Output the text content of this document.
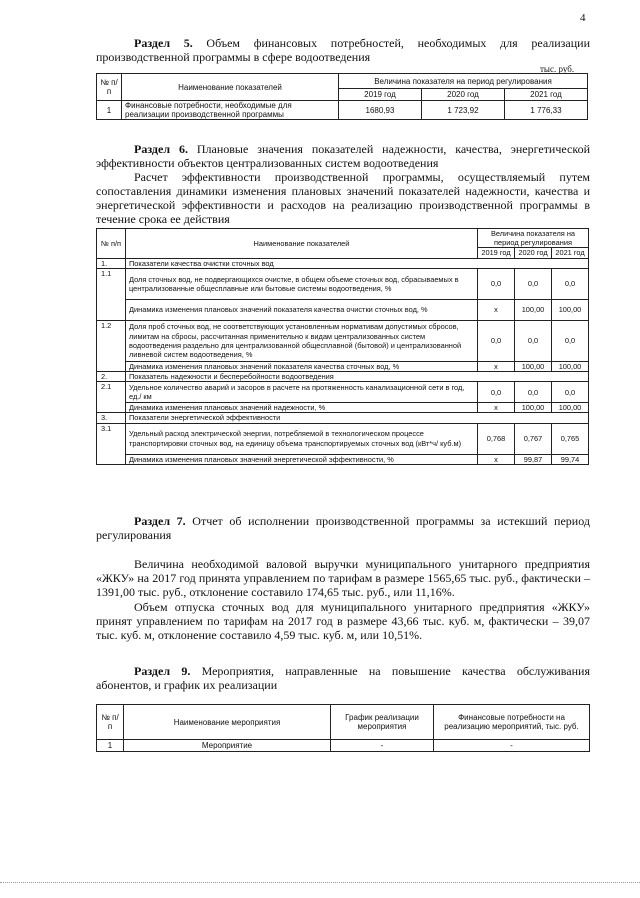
4
Раздел 5. Объем финансовых потребностей, необходимых для реализации производственной программы в сфере водоотведения
тыс. руб.
№ п/п	Наименование показателей	Величина показателя на период регулирования		
		2019 год	2020 год	2021 год
1	Финансовые потребности, необходимые для реализации производственной программы	1680,93	1 723,92	1 776,33
Раздел 6. Плановые значения показателей надежности, качества, энергетической эффективности объектов централизованных систем водоотведения
Расчет эффективности производственной программы, осуществляемый путем сопоставления динамики изменения плановых значений показателей надежности, качества и энергетической эффективности и расходов на реализацию производственной программы в течение срока ее действия
№ п/п	Наименование показателей	Величина показателя на период регулирования		
		2019 год	2020 год	2021 год
1.	Показатели качества очистки сточных вод			
1.1	Доля сточных вод, не подвергающихся очистке, в общем объеме сточных вод, сбрасываемых в централизованные общесплавные или бытовые системы водоотведения, %	0,0	0,0	0,0
	Динамика изменения плановых значений показателя качества очистки сточных вод, %	х	100,00	100,00
1.2	Доля проб сточных вод, не соответствующих установленным нормативам допустимых сбросов, лимитам на сбросы, рассчитанная применительно к видам централизованных систем водоотведения раздельно для централизованной общесплавной (бытовой) и централизованной ливневой систем водоотведения, %	0,0	0,0	0,0
	Динамика изменения плановых значений показателя качества сточных вод, %	х	100,00	100,00
2.	Показатель надежности и бесперебойности водоотведения			
2.1	Удельное количество аварий и засоров в расчете на протяженность канализационной сети в год, ед./ км	0,0	0,0	0,0
	Динамика изменения плановых значений надежности, %	х	100,00	100,00
3.	Показатели энергетической эффективности			
3.1	Удельный расход электрической энергии, потребляемой в технологическом процессе транспортировки сточных вод, на единицу объема транспортируемых сточных вод (кВт*ч/ куб.м)	0,768	0,767	0,765
	Динамика изменения плановых значений энергетической эффективности, %	х	99,87	99,74
Раздел 7. Отчет об исполнении производственной программы за истекший период регулирования
Величина необходимой валовой выручки муниципального унитарного предприятия «ЖКУ» на 2017 год принята управлением по тарифам в размере 1565,65 тыс. руб., фактически – 1391,00 тыс. руб., отклонение составило 174,65 тыс. руб., или 11,16%.
Объем отпуска сточных вод для муниципального унитарного предприятия «ЖКУ» принят управлением по тарифам на 2017 год в размере 43,66 тыс. куб. м, фактически – 39,07 тыс. куб. м, отклонение составило 4,59 тыс. куб. м, или 10,51%.
Раздел 9. Мероприятия, направленные на повышение качества обслуживания абонентов, и график их реализации
№ п/п	Наименование мероприятия	График реализации мероприятия	Финансовые потребности на реализацию мероприятий, тыс. руб.
1	Мероприятие	-	-
